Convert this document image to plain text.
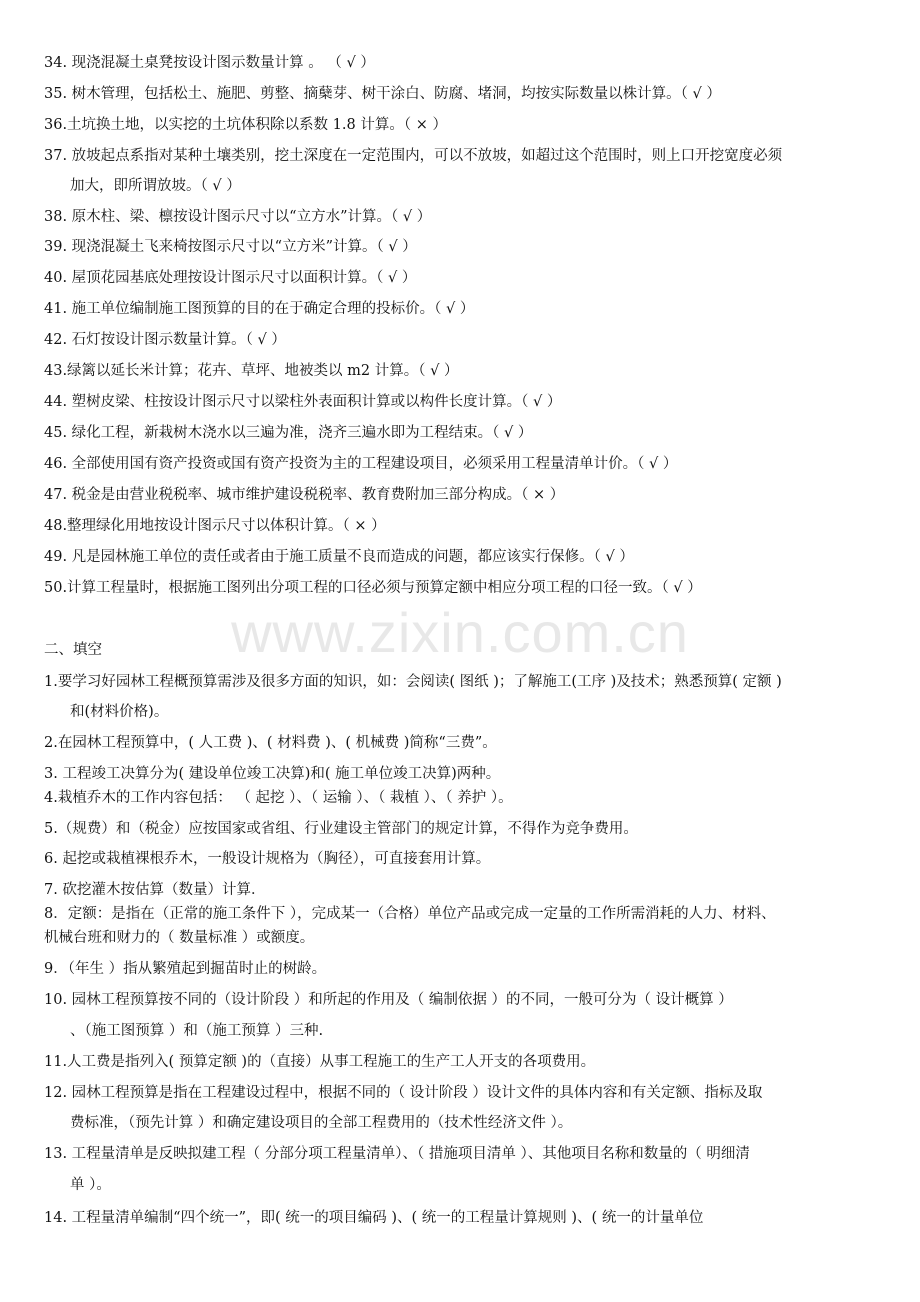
www.zixin.com.cn
34. 现浇混凝土桌凳按设计图示数量计算 。 （ √ ）
35. 树木管理，包括松土、施肥、剪整、摘蘖芽、树干涂白、防腐、堵洞，均按实际数量以株计算。（ √ ）
36.土坑换土地，以实挖的土坑体积除以系数 1.8 计算。（ × ）
37. 放坡起点系指对某种土壤类别，挖土深度在一定范围内，可以不放坡，如超过这个范围时，则上口开挖宽度必须
加大，即所谓放坡。（ √ ）
38. 原木柱、梁、檩按设计图示尺寸以“立方水”计算。（ √ ）
39. 现浇混凝土飞来椅按图示尺寸以“立方米”计算。（ √ ）
40. 屋顶花园基底处理按设计图示尺寸以面积计算。（ √ ）
41. 施工单位编制施工图预算的目的在于确定合理的投标价。（ √ ）
42. 石灯按设计图示数量计算。（ √ ）
43.绿篱以延长米计算；花卉、草坪、地被类以 m2 计算。（ √ ）
44. 塑树皮梁、柱按设计图示尺寸以梁柱外表面积计算或以构件长度计算。（ √ ）
45. 绿化工程，新栽树木浇水以三遍为准，浇齐三遍水即为工程结束。（ √ ）
46. 全部使用国有资产投资或国有资产投资为主的工程建设项目，必须采用工程量清单计价。（ √ ）
47. 税金是由营业税税率、城市维护建设税税率、教育费附加三部分构成。（ × ）
48.整理绿化用地按设计图示尺寸以体积计算。（ × ）
49. 凡是园林施工单位的责任或者由于施工质量不良而造成的问题，都应该实行保修。（ √ ）
50.计算工程量时，根据施工图列出分项工程的口径必须与预算定额中相应分项工程的口径一致。（ √ ）
二、填空
1.要学习好园林工程概预算需涉及很多方面的知识，如：会阅读( 图纸 )；了解施工(工序 )及技术；熟悉预算( 定额 )
和(材料价格)。
2.在园林工程预算中，( 人工费 )、( 材料费 )、( 机械费 )简称“三费”。
3. 工程竣工决算分为( 建设单位竣工决算)和( 施工单位竣工决算)两种。
4.栽植乔木的工作内容包括： （ 起挖 ）、（ 运输 ）、（ 栽植 ）、（ 养护 ）。
5.（规费）和（税金）应按国家或省组、行业建设主管部门的规定计算，不得作为竞争费用。
6. 起挖或栽植裸根乔木，一般设计规格为（胸径），可直接套用计算。
7. 砍挖灌木按估算（数量）计算．
8．定额：是指在（正常的施工条件下 ），完成某一（合格）单位产品或完成一定量的工作所需消耗的人力、材料、
机械台班和财力的（ 数量标准 ）或额度。
9．（年生 ）指从繁殖起到掘苗时止的树龄。
10. 园林工程预算按不同的（设计阶段 ）和所起的作用及（ 编制依据 ）的不同，一般可分为（ 设计概算 ）
、（施工图预算 ）和（施工预算 ）三种.
11.人工费是指列入( 预算定额 )的（直接）从事工程施工的生产工人开支的各项费用。
12. 园林工程预算是指在工程建设过程中，根据不同的（ 设计阶段 ）设计文件的具体内容和有关定额、指标及取
费标准，（预先计算 ）和确定建设项目的全部工程费用的（技术性经济文件 ）。
13. 工程量清单是反映拟建工程（ 分部分项工程量清单）、（ 措施项目清单 ）、其他项目名称和数量的（ 明细清
单 ）。
14. 工程量清单编制“四个统一”，即( 统一的项目编码 )、( 统一的工程量计算规则 )、( 统一的计量单位
